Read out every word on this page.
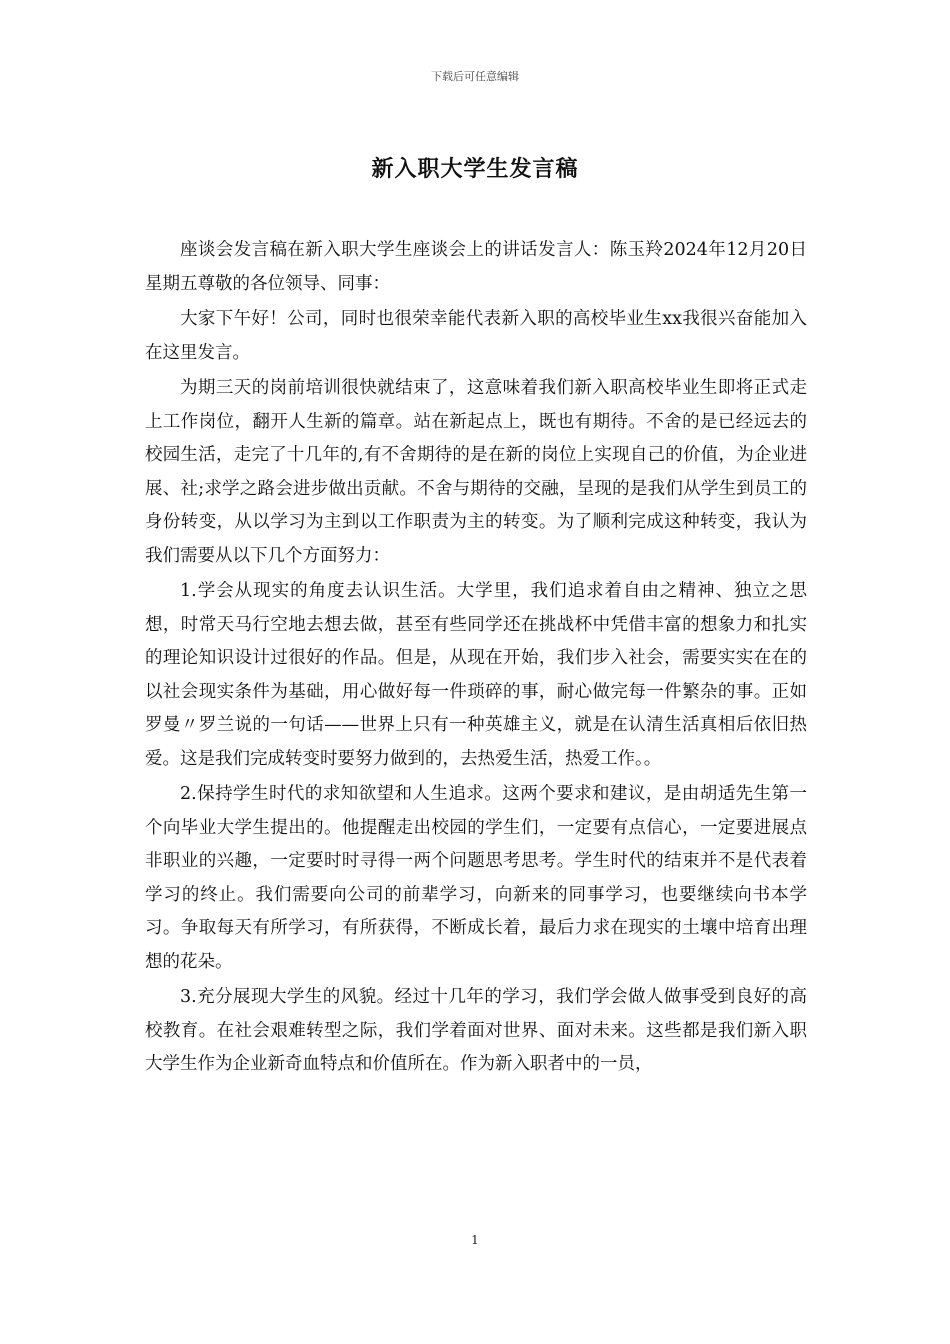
下载后可任意编辑
新入职大学生发言稿

座谈会发言稿在新入职大学生座谈会上的讲话发言人：陈玉羚2024年12月20日星期五尊敬的各位领导、同事：

大家下午好！公司，同时也很荣幸能代表新入职的高校毕业生xx我很兴奋能加入在这里发言。

为期三天的岗前培训很快就结束了，这意味着我们新入职高校毕业生即将正式走上工作岗位，翻开人生新的篇章。站在新起点上，既也有期待。不舍的是已经远去的校园生活，走完了十几年的,有不舍期待的是在新的岗位上实现自己的价值，为企业进展、社;求学之路会进步做出贡献。不舍与期待的交融，呈现的是我们从学生到员工的身份转变，从以学习为主到以工作职责为主的转变。为了顺利完成这种转变，我认为我们需要从以下几个方面努力：

1.学会从现实的角度去认识生活。大学里，我们追求着自由之精神、独立之思想，时常天马行空地去想去做，甚至有些同学还在挑战杯中凭借丰富的想象力和扎实的理论知识设计过很好的作品。但是，从现在开始，我们步入社会，需要实实在在的以社会现实条件为基础，用心做好每一件琐碎的事，耐心做完每一件繁杂的事。正如罗曼〃罗兰说的一句话——世界上只有一种英雄主义，就是在认清生活真相后依旧热爱。这是我们完成转变时要努力做到的，去热爱生活，热爱工作。。

2.保持学生时代的求知欲望和人生追求。这两个要求和建议，是由胡适先生第一个向毕业大学生提出的。他提醒走出校园的学生们，一定要有点信心，一定要进展点非职业的兴趣，一定要时时寻得一两个问题思考思考。学生时代的结束并不是代表着学习的终止。我们需要向公司的前辈学习，向新来的同事学习，也要继续向书本学习。争取每天有所学习，有所获得，不断成长着，最后力求在现实的土壤中培育出理想的花朵。

3.充分展现大学生的风貌。经过十几年的学习，我们学会做人做事受到良好的高校教育。在社会艰难转型之际，我们学着面对世界、面对未来。这些都是我们新入职大学生作为企业新奇血特点和价值所在。作为新入职者中的一员，

1
